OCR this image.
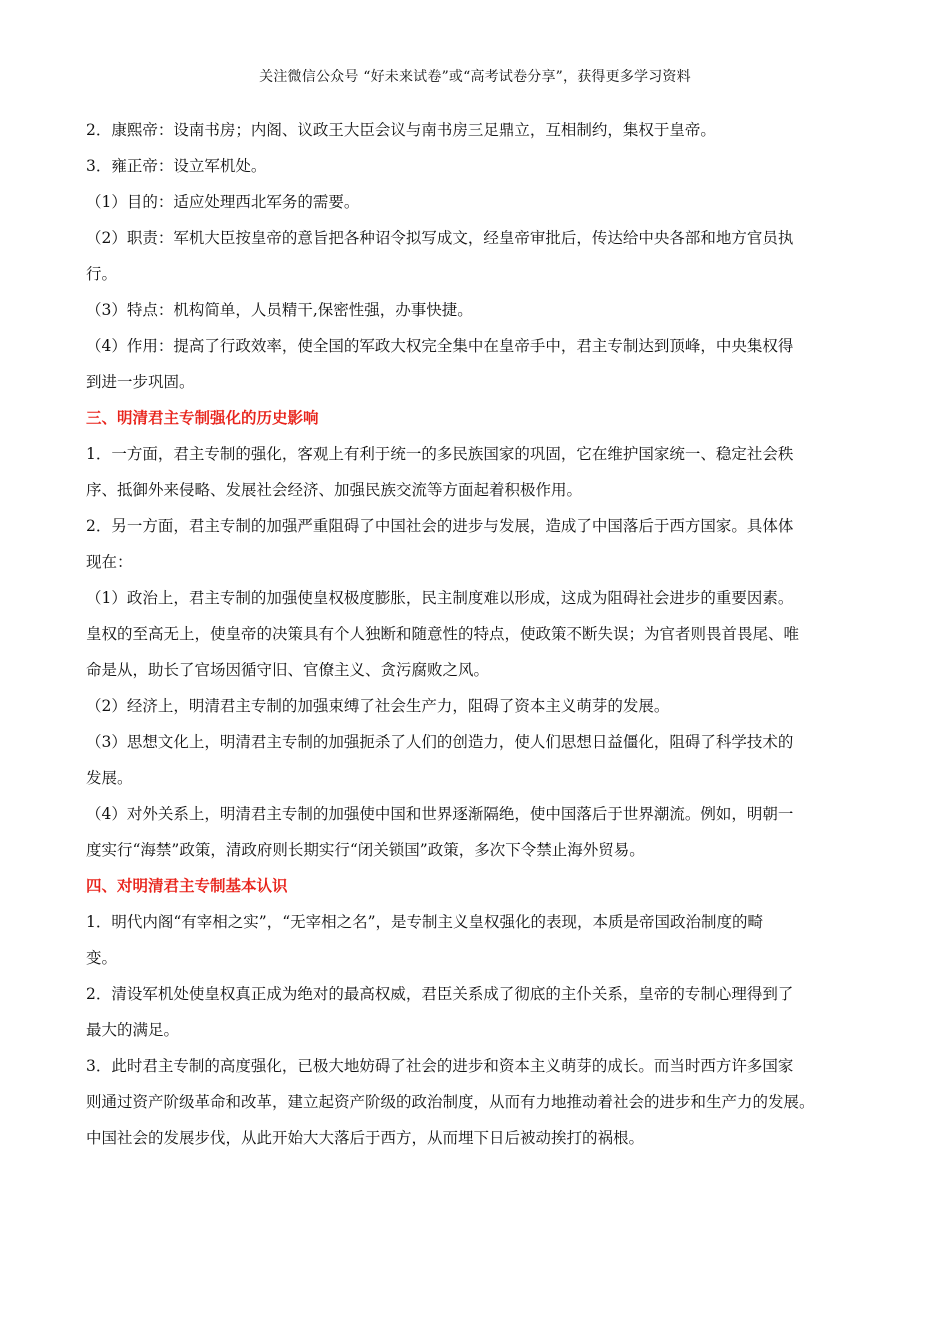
关注微信公众号 “好未来试卷”或“高考试卷分享”，获得更多学习资料

2．康熙帝：设南书房；内阁、议政王大臣会议与南书房三足鼎立，互相制约，集权于皇帝。

3．雍正帝：设立军机处。

（1）目的：适应处理西北军务的需要。

（2）职责：军机大臣按皇帝的意旨把各种诏令拟写成文，经皇帝审批后，传达给中央各部和地方官员执

行。

（3）特点：机构简单，人员精干,保密性强，办事快捷。

（4）作用：提高了行政效率，使全国的军政大权完全集中在皇帝手中，君主专制达到顶峰，中央集权得

到进一步巩固。

三、明清君主专制强化的历史影响

1．一方面，君主专制的强化，客观上有利于统一的多民族国家的巩固，它在维护国家统一、稳定社会秩

序、抵御外来侵略、发展社会经济、加强民族交流等方面起着积极作用。

2．另一方面，君主专制的加强严重阻碍了中国社会的进步与发展，造成了中国落后于西方国家。具体体

现在：

（1）政治上，君主专制的加强使皇权极度膨胀，民主制度难以形成，这成为阻碍社会进步的重要因素。

皇权的至高无上，使皇帝的决策具有个人独断和随意性的特点，使政策不断失误；为官者则畏首畏尾、唯

命是从，助长了官场因循守旧、官僚主义、贪污腐败之风。

（2）经济上，明清君主专制的加强束缚了社会生产力，阻碍了资本主义萌芽的发展。

（3）思想文化上，明清君主专制的加强扼杀了人们的创造力，使人们思想日益僵化，阻碍了科学技术的

发展。

（4）对外关系上，明清君主专制的加强使中国和世界逐渐隔绝，使中国落后于世界潮流。例如，明朝一

度实行“海禁”政策，清政府则长期实行“闭关锁国”政策，多次下令禁止海外贸易。

四、对明清君主专制基本认识

1．明代内阁“有宰相之实”，“无宰相之名”，是专制主义皇权强化的表现，本质是帝国政治制度的畸

变。

2．清设军机处使皇权真正成为绝对的最高权威，君臣关系成了彻底的主仆关系，皇帝的专制心理得到了

最大的满足。

3．此时君主专制的高度强化，已极大地妨碍了社会的进步和资本主义萌芽的成长。而当时西方许多国家

则通过资产阶级革命和改革，建立起资产阶级的政治制度，从而有力地推动着社会的进步和生产力的发展。

中国社会的发展步伐，从此开始大大落后于西方，从而埋下日后被动挨打的祸根。
